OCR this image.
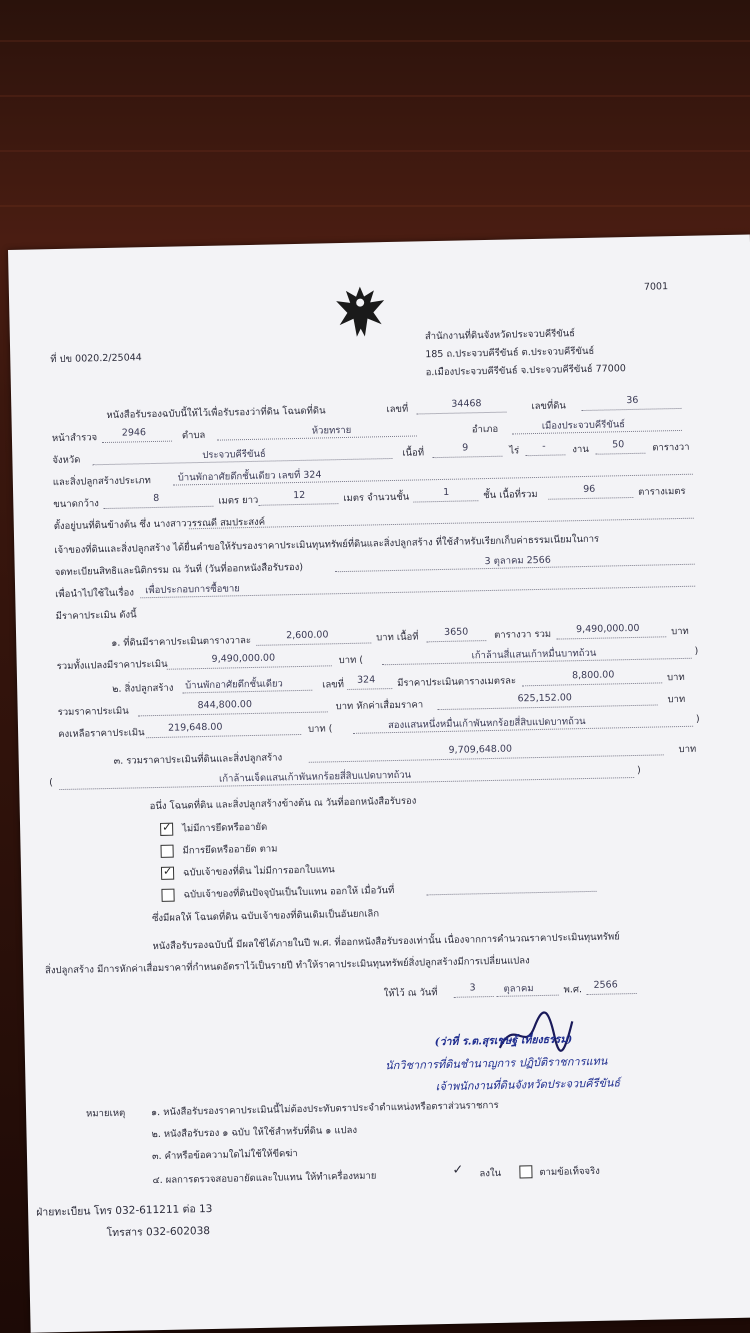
7001
ที่ ปข 0020.2/25044
สำนักงานที่ดินจังหวัดประจวบคีรีขันธ์
185 ถ.ประจวบคีรีขันธ์ ต.ประจวบคีรีขันธ์
อ.เมืองประจวบคีรีขันธ์ จ.ประจวบคีรีขันธ์ 77000
หนังสือรับรองฉบับนี้ให้ไว้เพื่อรับรองว่าที่ดิน โฉนดที่ดิน	เลขที่	34468	เลขที่ดิน	36
หน้าสำรวจ	2946	ตำบล	ห้วยทราย	อำเภอ	เมืองประจวบคีรีขันธ์
จังหวัด	ประจวบคีรีขันธ์	เนื้อที่	9	ไร่ -	งาน 50	ตารางวา
และสิ่งปลูกสร้างประเภท	บ้านพักอาศัยตึกชั้นเดียว เลขที่ 324
ขนาดกว้าง	8	เมตร ยาว	12	เมตร จำนวนชั้น	1	ชั้น เนื้อที่รวม	96	ตารางเมตร
ตั้งอยู่บนที่ดินข้างต้น ซึ่ง นางสาววรรณดี สมประสงค์
เจ้าของที่ดินและสิ่งปลูกสร้าง ได้ยื่นคำขอให้รับรองราคาประเมินทุนทรัพย์ที่ดินและสิ่งปลูกสร้าง ที่ใช้สำหรับเรียกเก็บค่าธรรมเนียมในการ
จดทะเบียนสิทธิและนิติกรรม ณ วันที่ (วันที่ออกหนังสือรับรอง)
3 ตุลาคม 2566
เพื่อนำไปใช้ในเรื่อง เพื่อประกอบการซื้อขาย
มีราคาประเมิน ดังนี้
๑. ที่ดินมีราคาประเมินตารางวาละ	2,600.00	บาท เนื้อที่	3650	ตารางวา รวม	9,490,000.00	บาท
รวมทั้งแปลงมีราคาประเมิน
9,490,000.00	บาท (	เก้าล้านสี่แสนเก้าหมื่นบาทถ้วน	)
๒. สิ่งปลูกสร้าง บ้านพักอาศัยตึกชั้นเดียว	เลขที่ 324 มีราคาประเมินตารางเมตรละ
8,800.00	บาท
รวมราคาประเมิน
844,800.00	บาท หักค่าเสื่อมราคา
625,152.00	บาท
คงเหลือราคาประเมิน 219,648.00	บาท (	สองแสนหนึ่งหมื่นเก้าพันหกร้อยสี่สิบแปดบาทถ้วน	)
๓. รวมราคาประเมินที่ดินและสิ่งปลูกสร้าง
9,709,648.00	บาท
(	เก้าล้านเจ็ดแสนเก้าพันหกร้อยสี่สิบแปดบาทถ้วน	)
อนึ่ง โฉนดที่ดิน และสิ่งปลูกสร้างข้างต้น ณ วันที่ออกหนังสือรับรอง
✓
ไม่มีการยึดหรืออายัด
มีการยึดหรืออายัด ตาม
✓
ฉบับเจ้าของที่ดิน ไม่มีการออกใบแทน
ฉบับเจ้าของที่ดินปัจจุบันเป็นใบแทน ออกให้ เมื่อวันที่
ซึ่งมีผลให้ โฉนดที่ดิน ฉบับเจ้าของที่ดินเดิมเป็นอันยกเลิก
หนังสือรับรองฉบับนี้ มีผลใช้ได้ภายในปี พ.ศ. ที่ออกหนังสือรับรองเท่านั้น เนื่องจากการคำนวณราคาประเมินทุนทรัพย์
สิ่งปลูกสร้าง มีการหักค่าเสื่อมราคาที่กำหนดอัตราไว้เป็นรายปี ทำให้ราคาประเมินทุนทรัพย์สิ่งปลูกสร้างมีการเปลี่ยนแปลง
ให้ไว้ ณ วันที่	3	ตุลาคม	พ.ศ. 2566
(ว่าที่ ร.ต.สุรเชษฐ์ เที่ยงธรรม)
นักวิชาการที่ดินชำนาญการ ปฏิบัติราชการแทน
เจ้าพนักงานที่ดินจังหวัดประจวบคีรีขันธ์
หมายเหตุ	๑. หนังสือรับรองราคาประเมินนี้ไม่ต้องประทับตราประจำตำแหน่งหรือตราส่วนราชการ
๒. หนังสือรับรอง ๑ ฉบับ ให้ใช้สำหรับที่ดิน ๑ แปลง
๓. คำหรือข้อความใดไม่ใช้ให้ขีดฆ่า
๔. ผลการตรวจสอบอายัดและใบแทน ให้ทำเครื่องหมาย
✓ ลงใน	ตามข้อเท็จจริง
ฝ่ายทะเบียน โทร 032-611211 ต่อ 13
โทรสาร 032-602038
